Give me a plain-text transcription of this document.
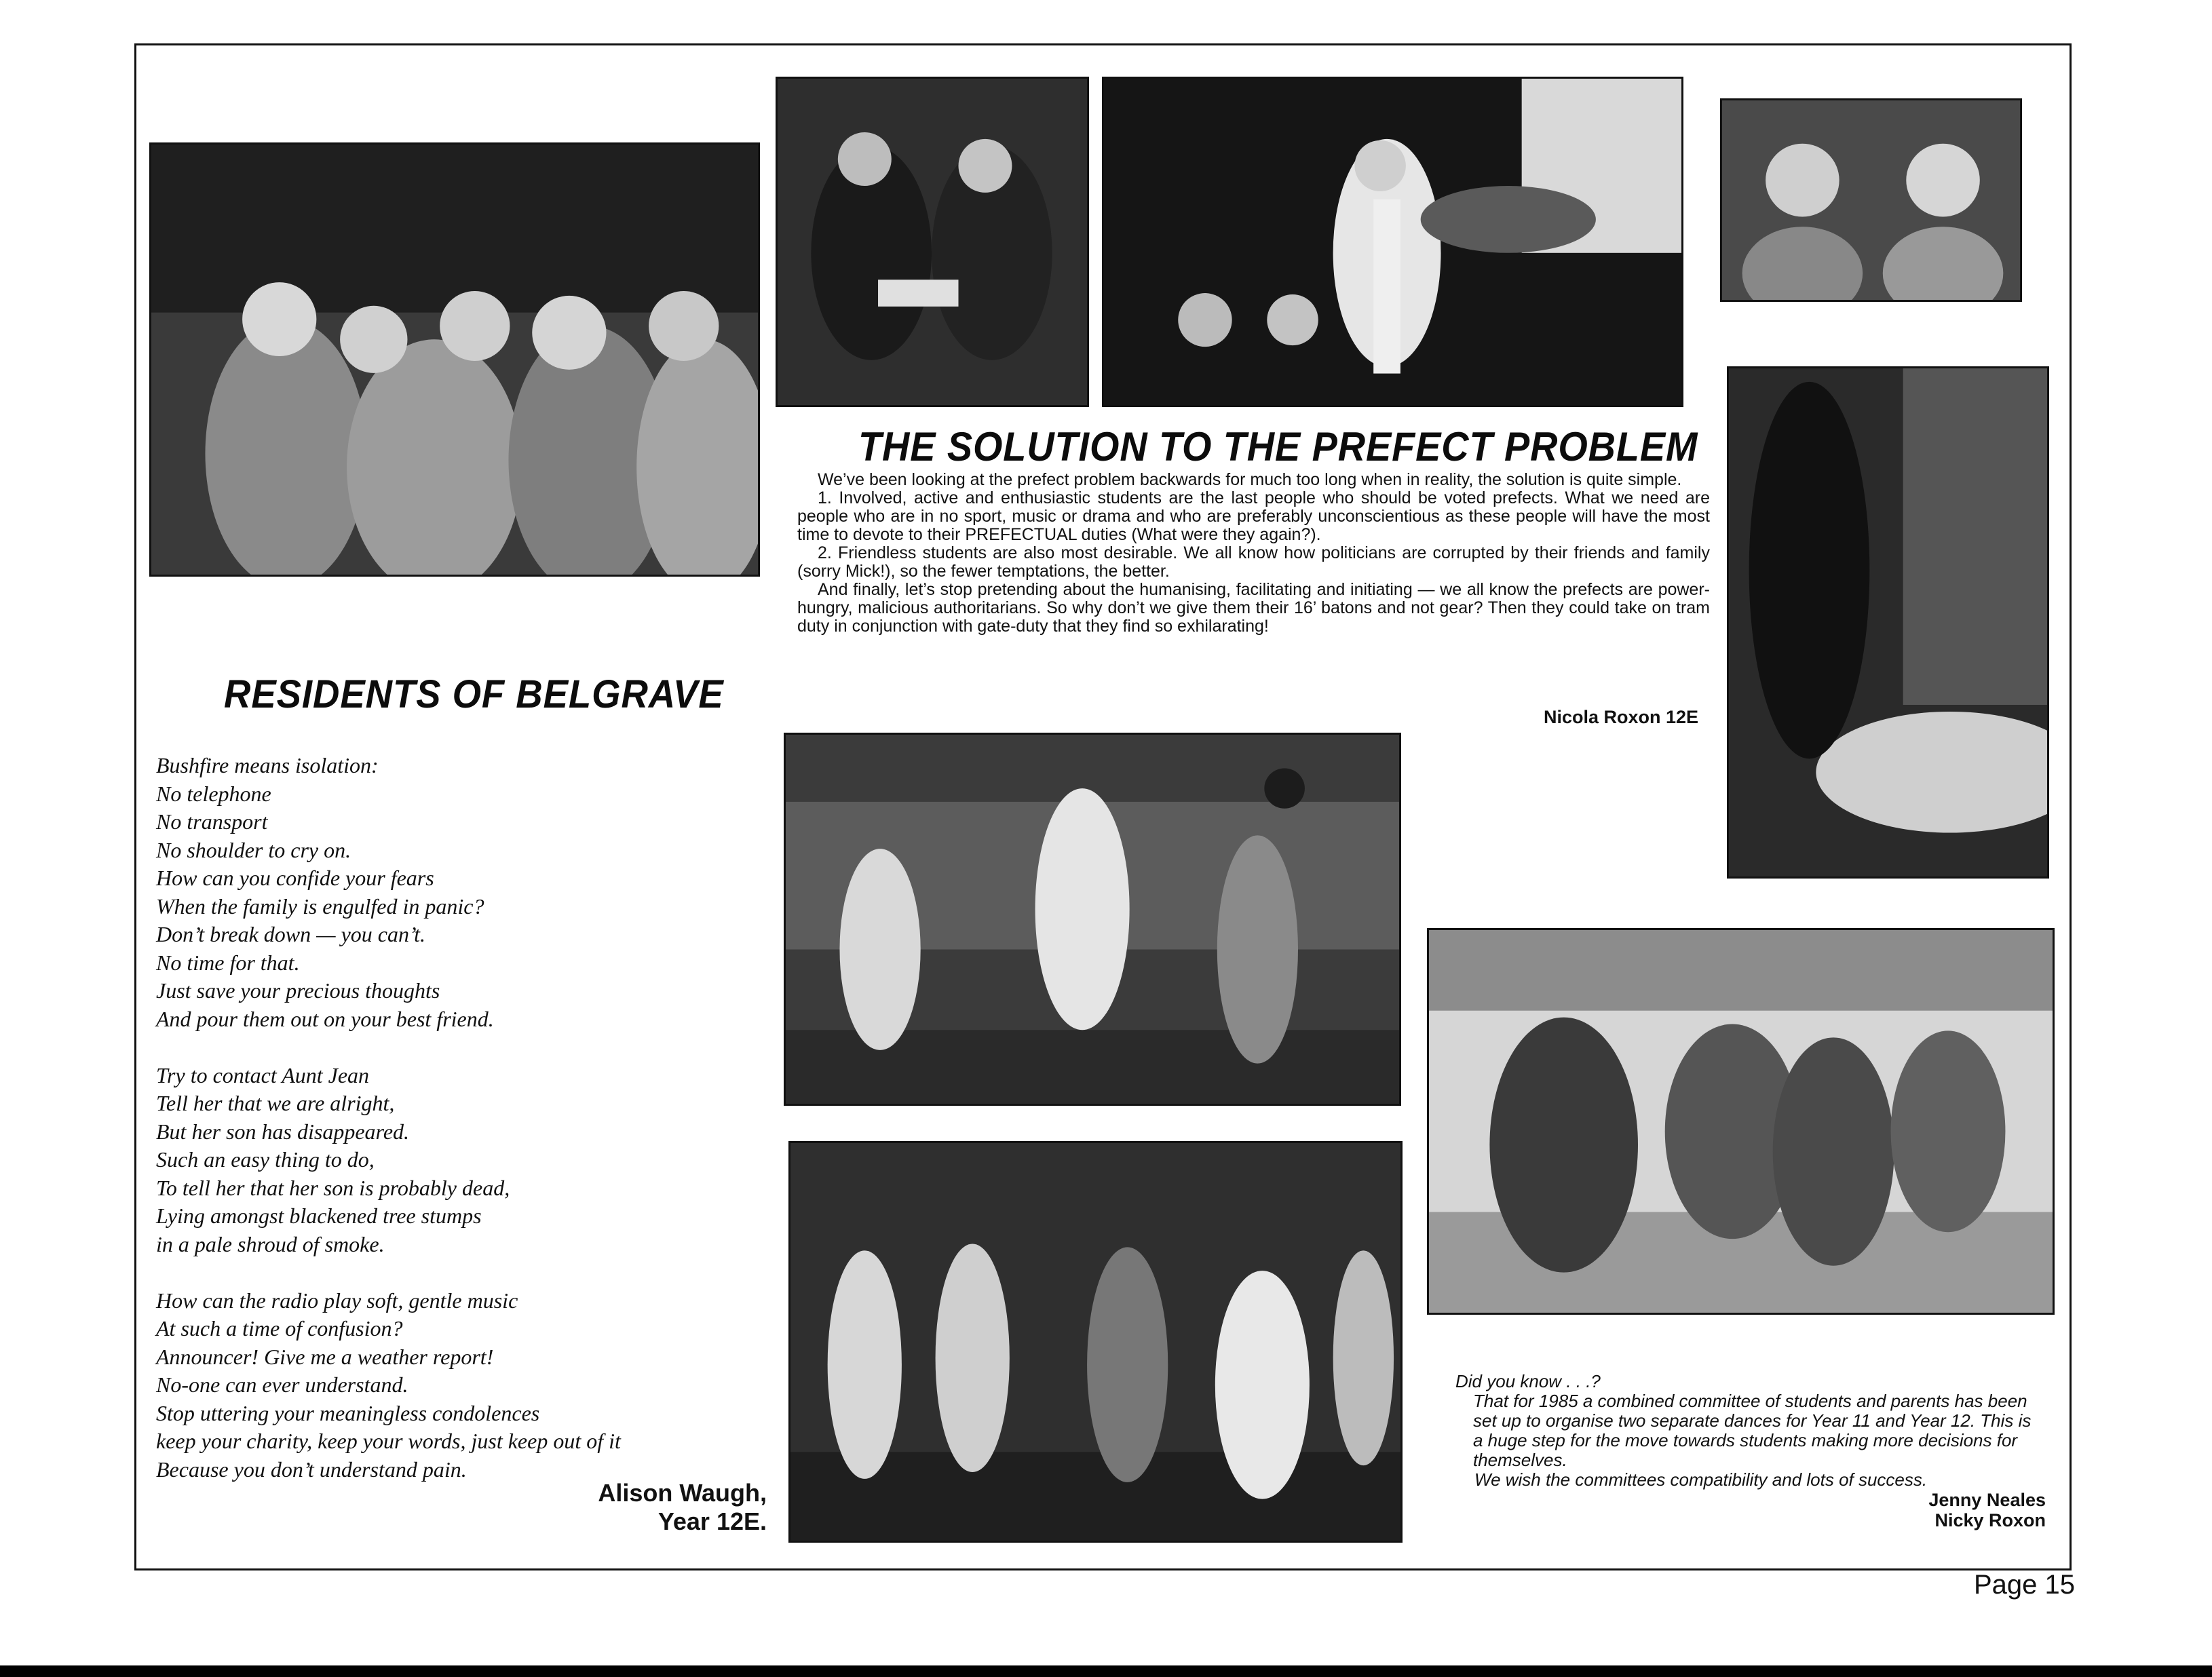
RESIDENTS OF BELGRAVE
Bushfire means isolation:
No telephone
No transport
No shoulder to cry on.
How can you confide your fears
When the family is engulfed in panic?
Don’t break down — you can’t.
No time for that.
Just save your precious thoughts
And pour them out on your best friend.
Try to contact Aunt Jean
Tell her that we are alright,
But her son has disappeared.
Such an easy thing to do,
To tell her that her son is probably dead,
Lying amongst blackened tree stumps
in a pale shroud of smoke.
How can the radio play soft, gentle music
At such a time of confusion?
Announcer! Give me a weather report!
No-one can ever understand.
Stop uttering your meaningless condolences
keep your charity, keep your words, just keep out of it
Because you don’t understand pain.
Alison Waugh,
Year 12E.
THE SOLUTION TO THE PREFECT PROBLEM

We’ve been looking at the prefect problem backwards for much too long when in reality, the solution is quite simple.

1. Involved, active and enthusiastic students are the last people who should be voted prefects. What we need are people who are in no sport, music or drama and who are preferably unconscientious as these people will have the most time to devote to their PREFECTUAL duties (What were they again?).

2. Friendless students are also most desirable. We all know how politicians are corrupted by their friends and family (sorry Mick!), so the fewer temptations, the better.

And finally, let’s stop pretending about the humanising, facilitating and initiating — we all know the prefects are power-hungry, malicious authoritarians. So why don’t we give them their 16’ batons and not gear? Then they could take on tram duty in conjunction with gate-duty that they find so exhilarating!

Nicola Roxon 12E

Did you know . . .?

That for 1985 a combined committee of students and parents has been set up to organise two separate dances for Year 11 and Year 12. This is a huge step for the move towards students making more decisions for themselves.

We wish the committees compatibility and lots of success.

Jenny Neales
Nicky Roxon
Page 15
